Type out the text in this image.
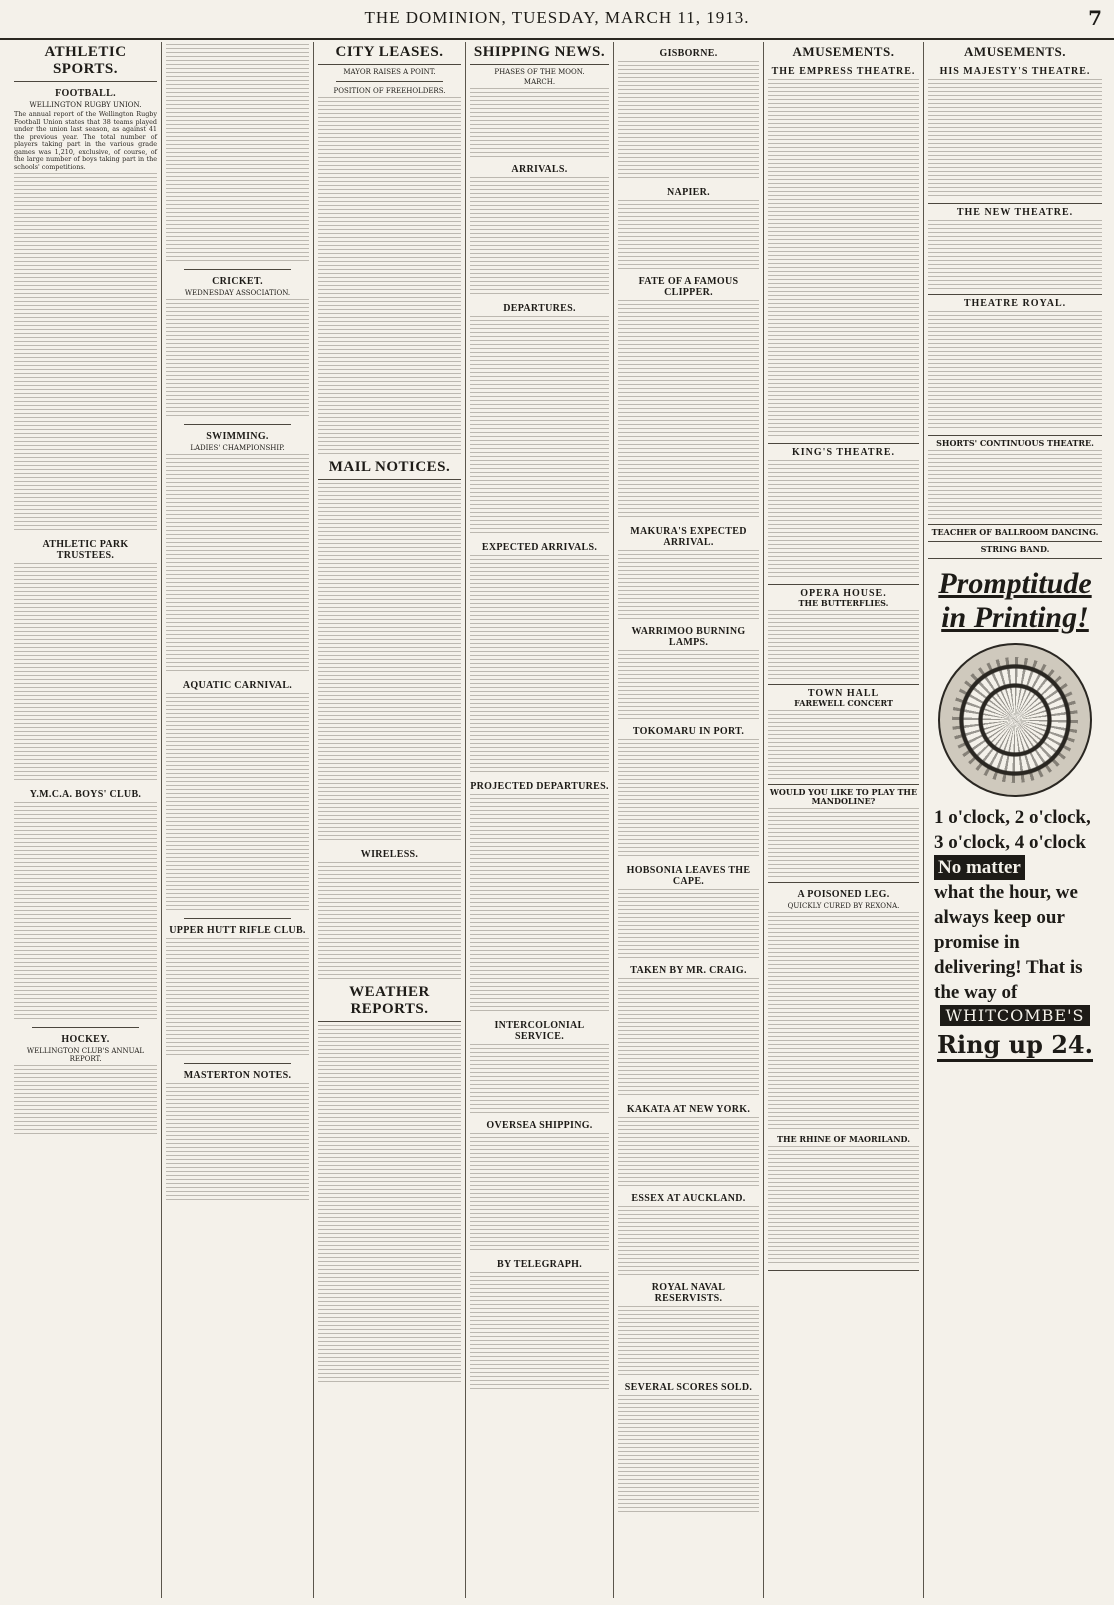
THE DOMINION, TUESDAY, MARCH 11, 1913.	7
ATHLETIC SPORTS.
FOOTBALL.
WELLINGTON RUGBY UNION.

The annual report of the Wellington Rugby Football Union states that 38 teams played under the union last season, as against 41 the previous year. The total number of players taking part in the various grade games was 1,210, exclusive, of course, of the large number of boys taking part in the schools' competitions.

ATHLETIC PARK TRUSTEES.
Y.M.C.A. BOYS' CLUB.
HOCKEY.
WELLINGTON CLUB'S ANNUAL REPORT.
CRICKET.
WEDNESDAY ASSOCIATION.
SWIMMING.
LADIES' CHAMPIONSHIP.
AQUATIC CARNIVAL.
UPPER HUTT RIFLE CLUB.
MASTERTON NOTES.
CITY LEASES.
MAYOR RAISES A POINT.
POSITION OF FREEHOLDERS.
MAIL NOTICES.
WIRELESS.
WEATHER REPORTS.
SHIPPING NEWS.
PHASES OF THE MOON.
MARCH.
ARRIVALS.
DEPARTURES.
EXPECTED ARRIVALS.
PROJECTED DEPARTURES.
INTERCOLONIAL SERVICE.
OVERSEA SHIPPING.
BY TELEGRAPH.
GISBORNE.
NAPIER.
FATE OF A FAMOUS CLIPPER.
MAKURA'S EXPECTED ARRIVAL.
WARRIMOO BURNING LAMPS.
TOKOMARU IN PORT.
HOBSONIA LEAVES THE CAPE.
TAKEN BY MR. CRAIG.
KAKATA AT NEW YORK.
ESSEX AT AUCKLAND.
ROYAL NAVAL RESERVISTS.
SEVERAL SCORES SOLD.
AMUSEMENTS.
THE EMPRESS THEATRE.
KING'S THEATRE.
OPERA HOUSE.
THE BUTTERFLIES.
TOWN HALL
FAREWELL CONCERT
WOULD YOU LIKE TO PLAY THE MANDOLINE?
A POISONED LEG.
QUICKLY CURED BY REXONA.
THE RHINE OF MAORILAND.
AMUSEMENTS.
HIS MAJESTY'S THEATRE.
THE NEW THEATRE.
THEATRE ROYAL.
SHORTS' CONTINUOUS THEATRE.
TEACHER OF BALLROOM DANCING.
STRING BAND.
Promptitude in Printing!
1 o'clock, 2 o'clock, 3 o'clock, 4 o'clock
No matter
what the hour, we always keep our promise in delivering! That is the way of
WHITCOMBE'S
Ring up 24.
